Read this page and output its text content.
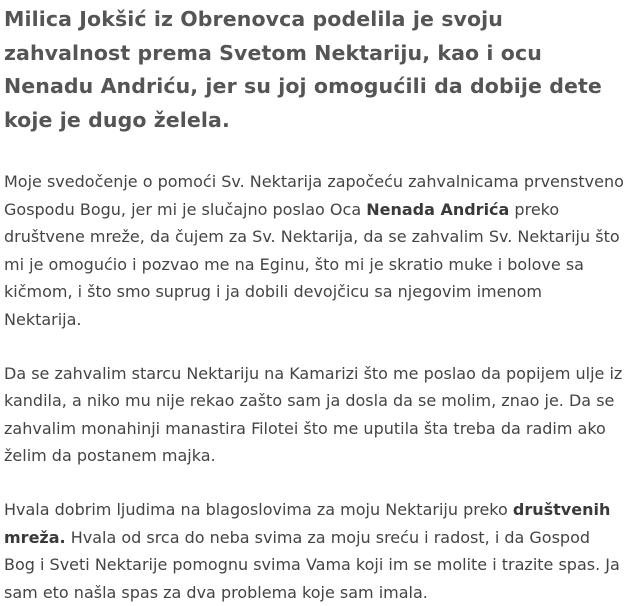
Milica Jokšić iz Obrenovca podelila je svoju zahvalnost prema Svetom Nektariju, kao i ocu Nenadu Andriću, jer su joj omogućili da dobije dete koje je dugo želela.

Moje svedočenje o pomoći Sv. Nektarija započeću zahvalnicama prvenstveno Gospodu Bogu, jer mi je slučajno poslao Oca Nenada Andrića preko društvene mreže, da čujem za Sv. Nektarija, da se zahvalim Sv. Nektariju što mi je omogućio i pozvao me na Eginu, što mi je skratio muke i bolove sa kičmom, i što smo suprug i ja dobili devojčicu sa njegovim imenom Nektarija.

Da se zahvalim starcu Nektariju na Kamarizi što me poslao da popijem ulje iz kandila, a niko mu nije rekao zašto sam ja dosla da se molim, znao je. Da se zahvalim monahinji manastira Filotei što me uputila šta treba da radim ako želim da postanem majka.

Hvala dobrim ljudima na blagoslovima za moju Nektariju preko društvenih mreža. Hvala od srca do neba svima za moju sreću i radost, i da Gospod Bog i Sveti Nektarije pomognu svima Vama koji im se molite i trazite spas. Ja sam eto našla spas za dva problema koje sam imala.
